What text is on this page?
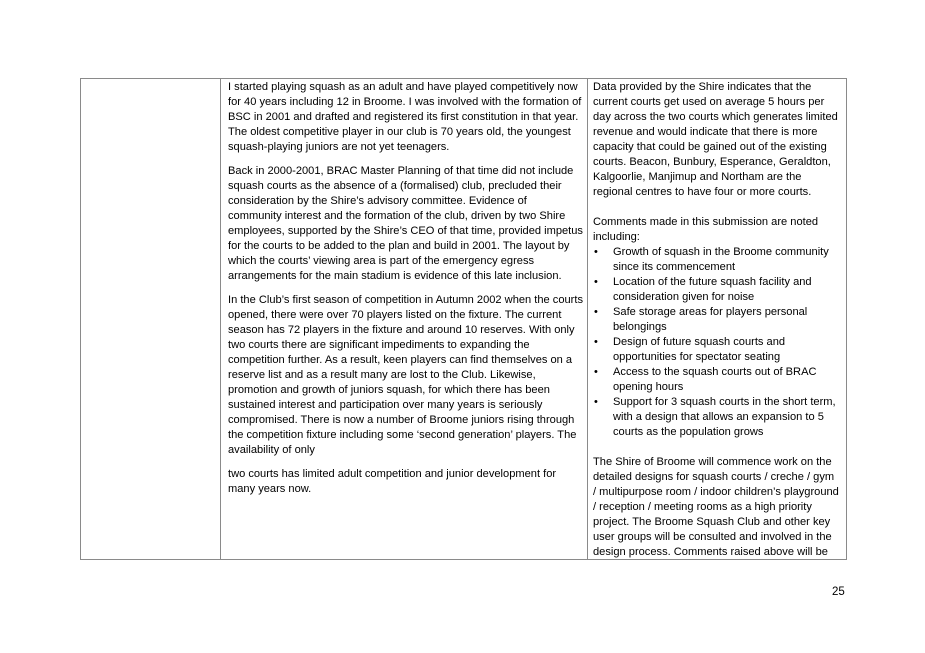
I started playing squash as an adult and have played competitively now for 40 years including 12 in Broome. I was involved with the formation of BSC in 2001 and drafted and registered its first constitution in that year. The oldest competitive player in our club is 70 years old, the youngest squash-playing juniors are not yet teenagers.

Back in 2000-2001, BRAC Master Planning of that time did not include squash courts as the absence of a (formalised) club, precluded their consideration by the Shire’s advisory committee. Evidence of community interest and the formation of the club, driven by two Shire employees, supported by the Shire’s CEO of that time, provided impetus for the courts to be added to the plan and build in 2001. The layout by which the courts’ viewing area is part of the emergency egress arrangements for the main stadium is evidence of this late inclusion.

In the Club’s first season of competition in Autumn 2002 when the courts opened, there were over 70 players listed on the fixture. The current season has 72 players in the fixture and around 10 reserves. With only two courts there are significant impediments to expanding the competition further. As a result, keen players can find themselves on a reserve list and as a result many are lost to the Club. Likewise, promotion and growth of juniors squash, for which there has been sustained interest and participation over many years is seriously compromised. There is now a number of Broome juniors rising through the competition fixture including some ‘second generation’ players. The availability of only

two courts has limited adult competition and junior development for many years now.

Data provided by the Shire indicates that the current courts get used on average 5 hours per day across the two courts which generates limited revenue and would indicate that there is more capacity that could be gained out of the existing courts. Beacon, Bunbury, Esperance, Geraldton, Kalgoorlie, Manjimup and Northam are the regional centres to have four or more courts.

Comments made in this submission are noted including:

• Growth of squash in the Broome community since its commencement
• Location of the future squash facility and consideration given for noise
• Safe storage areas for players personal belongings
• Design of future squash courts and opportunities for spectator seating
• Access to the squash courts out of BRAC opening hours
• Support for 3 squash courts in the short term, with a design that allows an expansion to 5 courts as the population grows

The Shire of Broome will commence work on the detailed designs for squash courts / creche / gym / multipurpose room / indoor children’s playground / reception / meeting rooms as a high priority project. The Broome Squash Club and other key user groups will be consulted and involved in the design process. Comments raised above will be

25
